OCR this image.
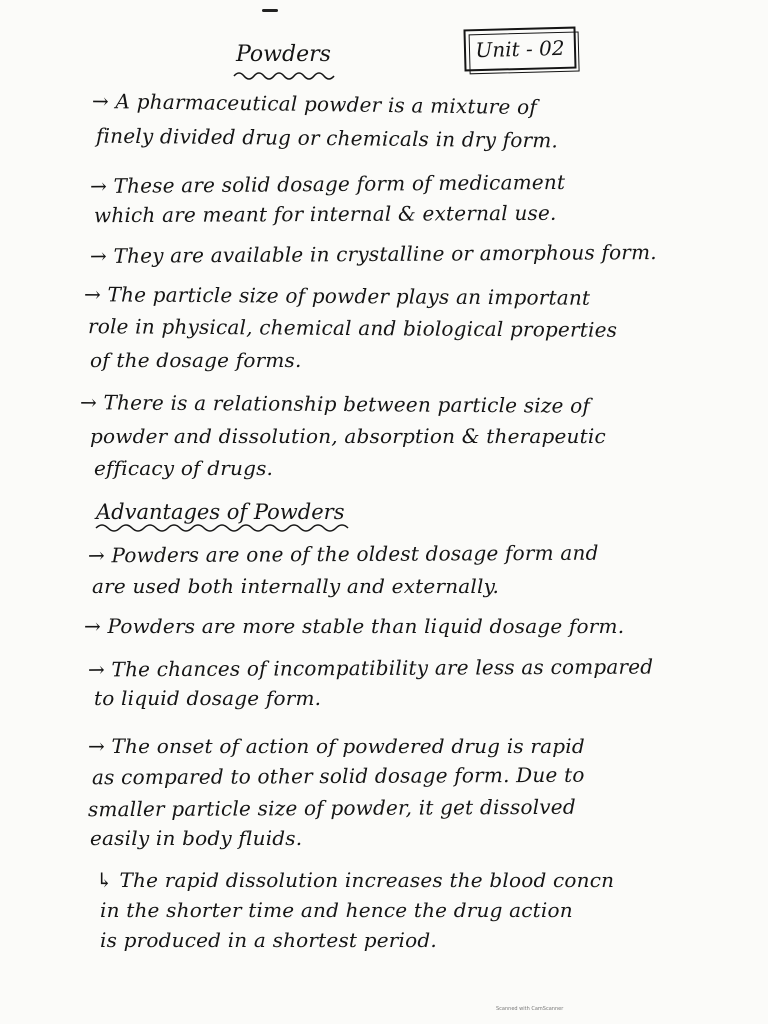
Powders	Unit - 02
→ A pharmaceutical powder is a mixture of
finely divided drug or chemicals in dry form.
→ These are solid dosage form of medicament
which are meant for internal & external use.
→ They are available in crystalline or amorphous form.
→ The particle size of powder plays an important
role in physical, chemical and biological properties
of the dosage forms.
→ There is a relationship between particle size of
powder and dissolution, absorption & therapeutic
efficacy of drugs.
Advantages of Powders
→ Powders are one of the oldest dosage form and
are used both internally and externally.
→ Powders are more stable than liquid dosage form.
→ The chances of incompatibility are less as compared
to liquid dosage form.
→ The onset of action of powdered drug is rapid
as compared to other solid dosage form. Due to
smaller particle size of powder, it get dissolved
easily in body fluids.
↳ The rapid dissolution increases the blood concn
in the shorter time and hence the drug action
is produced in a shortest period.
Scanned with CamScanner
